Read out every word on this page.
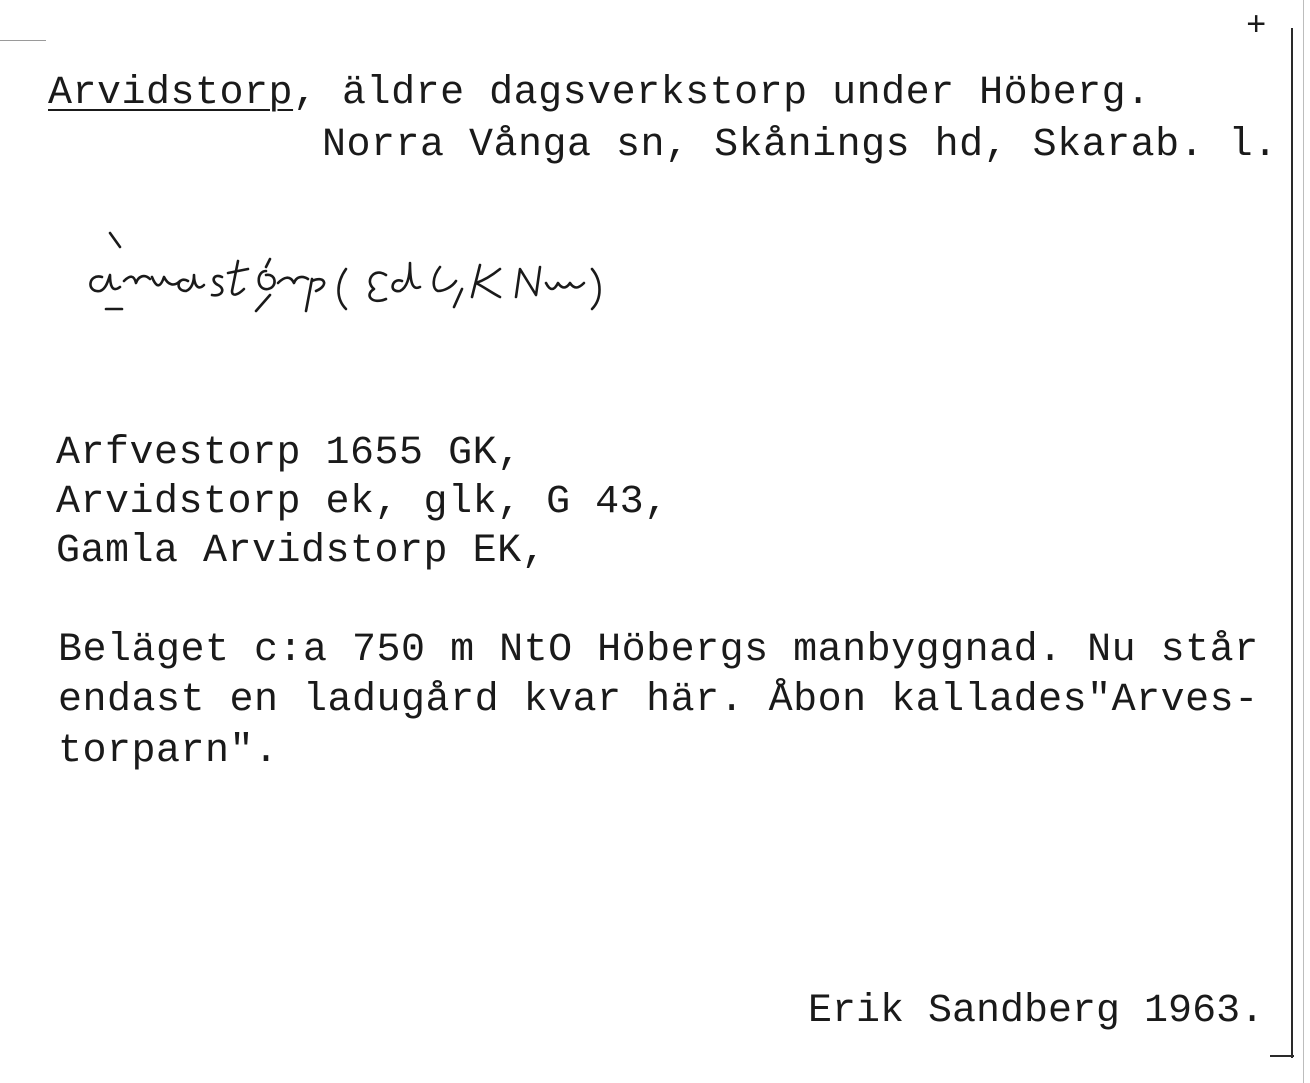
+
Arvidstorp, äldre dagsverkstorp under Höberg.
Norra Vånga sn, Skånings hd, Skarab. l.
Arfvestorp 1655 GK,
Arvidstorp ek, glk, G 43,
Gamla Arvidstorp EK,
Beläget c:a 750 m NtO Höbergs manbyggnad. Nu står
endast en ladugård kvar här. Åbon kallades"Arves-
torparn".
Erik Sandberg 1963.
